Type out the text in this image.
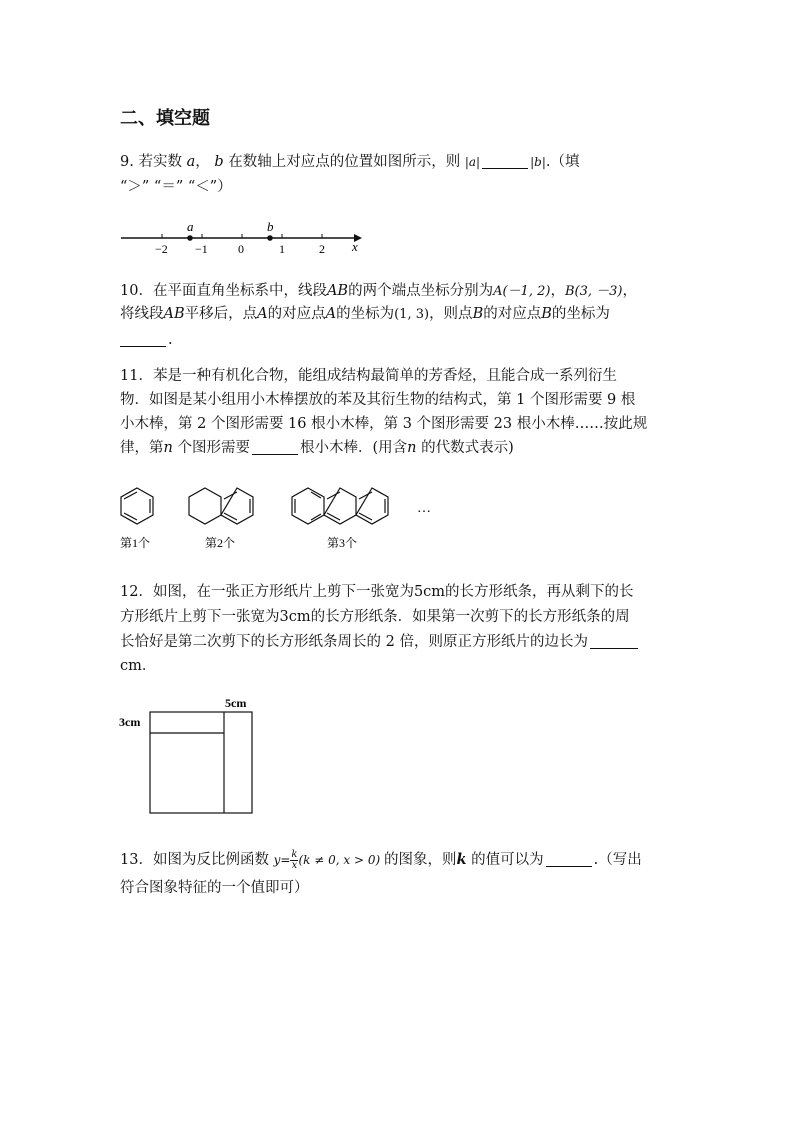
二、填空题
9. 若实数 a， b 在数轴上对应点的位置如图所示，则 |a|	|b|.（填
“＞” “＝” “＜”）
a	b
−2 −1	0	1	2 x
10．在平面直角坐标系中，线段AB的两个端点坐标分别为A(－1, 2)，B(3, －3)，
将线段AB平移后，点A的对应点A的坐标为(1, 3)，则点B的对应点B的坐标为
.
11．苯是一种有机化合物，能组成结构最简单的芳香烃，且能合成一系列衍生
物．如图是某小组用小木棒摆放的苯及其衍生物的结构式，第 1 个图形需要 9 根
小木棒，第 2 个图形需要 16 根小木棒，第 3 个图形需要 23 根小木棒……按此规
律，第n 个图形需要	根小木棒．(用含n 的代数式表示)
…
第1个	第2个	第3个
12．如图，在一张正方形纸片上剪下一张宽为5cm的长方形纸条，再从剩下的长
方形纸片上剪下一张宽为3cm的长方形纸条．如果第一次剪下的长方形纸条的周
长恰好是第二次剪下的长方形纸条周长的 2 倍，则原正方形纸片的边长为
cm．
5cm
3cm
13．如图为反比例函数 $y= \frac{k}{x} (k \ne 0$, x > 0) 的图象，则k 的值可以为	.（写出
符合图象特征的一个值即可）
